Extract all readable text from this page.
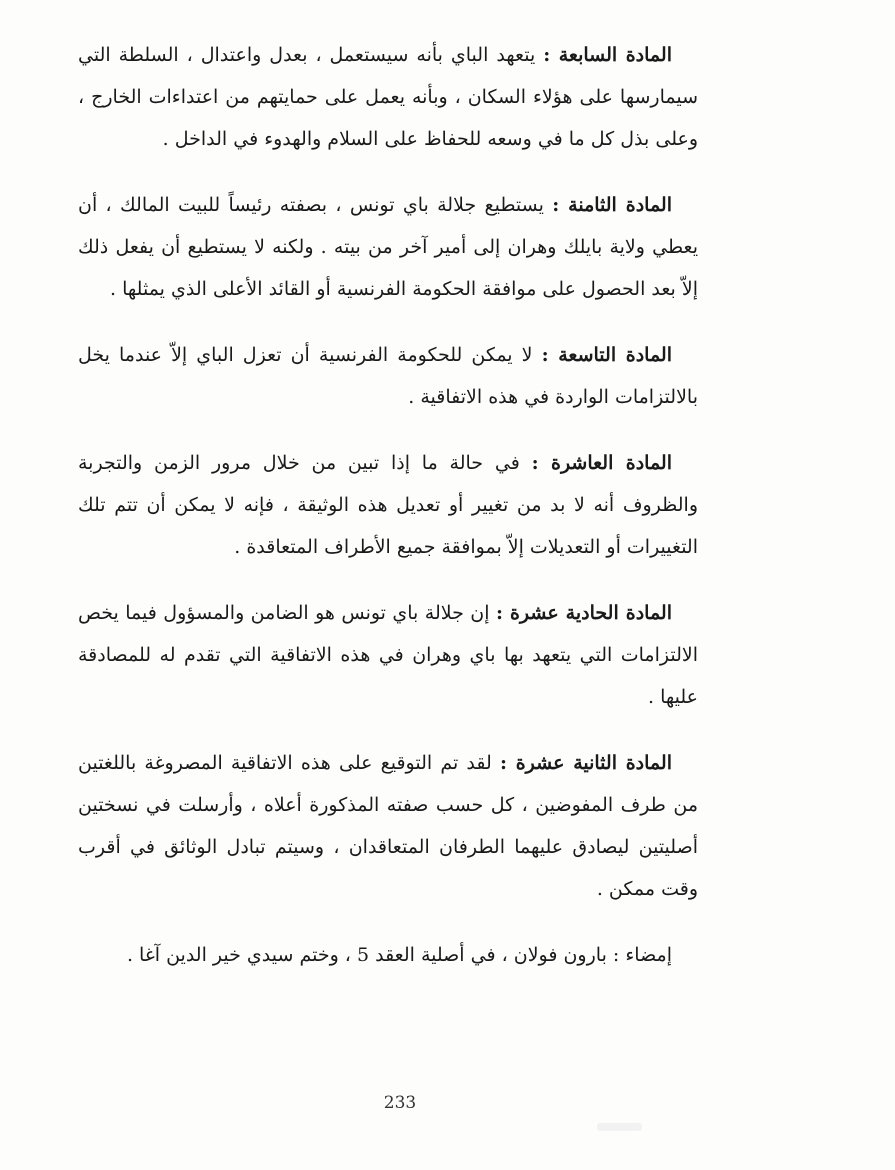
المادة السابعة : يتعهد الباي بأنه سيستعمل ، بعدل واعتدال ، السلطة التي سيمارسها على هؤلاء السكان ، وبأنه يعمل على حمايتهم من اعتداءات الخارج ، وعلى بذل كل ما في وسعه للحفاظ على السلام والهدوء في الداخل .

المادة الثامنة : يستطيع جلالة باي تونس ، بصفته رئيساً للبيت المالك ، أن يعطي ولاية بايلك وهران إلى أمير آخر من بيته . ولكنه لا يستطيع أن يفعل ذلك إلاّ بعد الحصول على موافقة الحكومة الفرنسية أو القائد الأعلى الذي يمثلها .

المادة التاسعة : لا يمكن للحكومة الفرنسية أن تعزل الباي إلاّ عندما يخل بالالتزامات الواردة في هذه الاتفاقية .

المادة العاشرة : في حالة ما إذا تبين من خلال مرور الزمن والتجربة والظروف أنه لا بد من تغيير أو تعديل هذه الوثيقة ، فإنه لا يمكن أن تتم تلك التغييرات أو التعديلات إلاّ بموافقة جميع الأطراف المتعاقدة .

المادة الحادية عشرة : إن جلالة باي تونس هو الضامن والمسؤول فيما يخص الالتزامات التي يتعهد بها باي وهران في هذه الاتفاقية التي تقدم له للمصادقة عليها .

المادة الثانية عشرة : لقد تم التوقيع على هذه الاتفاقية المصروغة باللغتين من طرف المفوضين ، كل حسب صفته المذكورة أعلاه ، وأرسلت في نسختين أصليتين ليصادق عليهما الطرفان المتعاقدان ، وسيتم تبادل الوثائق في أقرب وقت ممكن .

إمضاء : بارون فولان ، في أصلية العقد 5 ، وختم سيدي خير الدين آغا .

233
